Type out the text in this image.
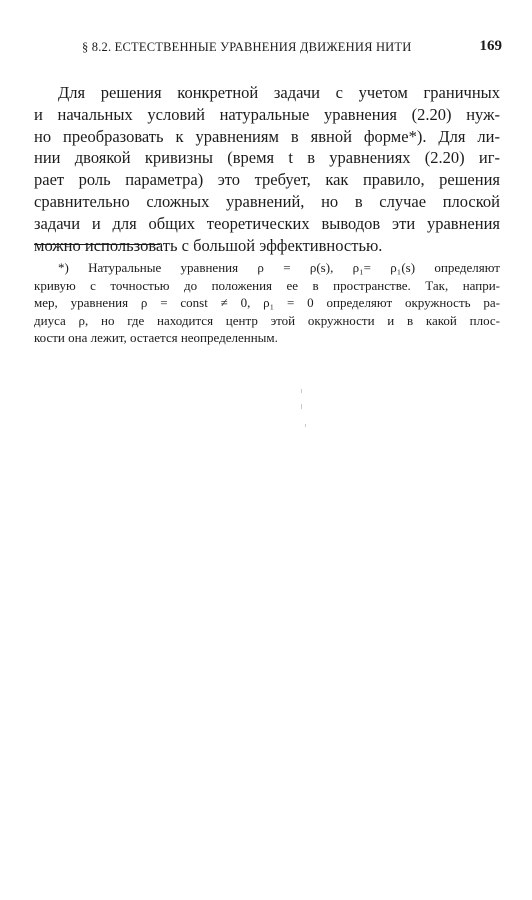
§ 8.2. ЕСТЕСТВЕННЫЕ УРАВНЕНИЯ ДВИЖЕНИЯ НИТИ	169
Для решения конкретной задачи с учетом граничных
и начальных условий натуральные уравнения (2.20) нуж-
но преобразовать к уравнениям в явной форме*). Для ли-
нии двоякой кривизны (время t в уравнениях (2.20) иг-
рает роль параметра) это требует, как правило, решения
сравнительно сложных уравнений, но в случае плоской
задачи и для общих теоретических выводов эти уравнения
можно использовать с большой эффективностью.
*) Натуральные уравнения ρ = ρ(s), ρ₁= ρ₁(s) определяют
кривую с точностью до положения ее в пространстве. Так, напри-
мер, уравнения ρ = const ≠ 0, ρ₁ = 0 определяют окружность ра-
диуса ρ, но где находится центр этой окружности и в какой плос-
кости она лежит, остается неопределенным.
